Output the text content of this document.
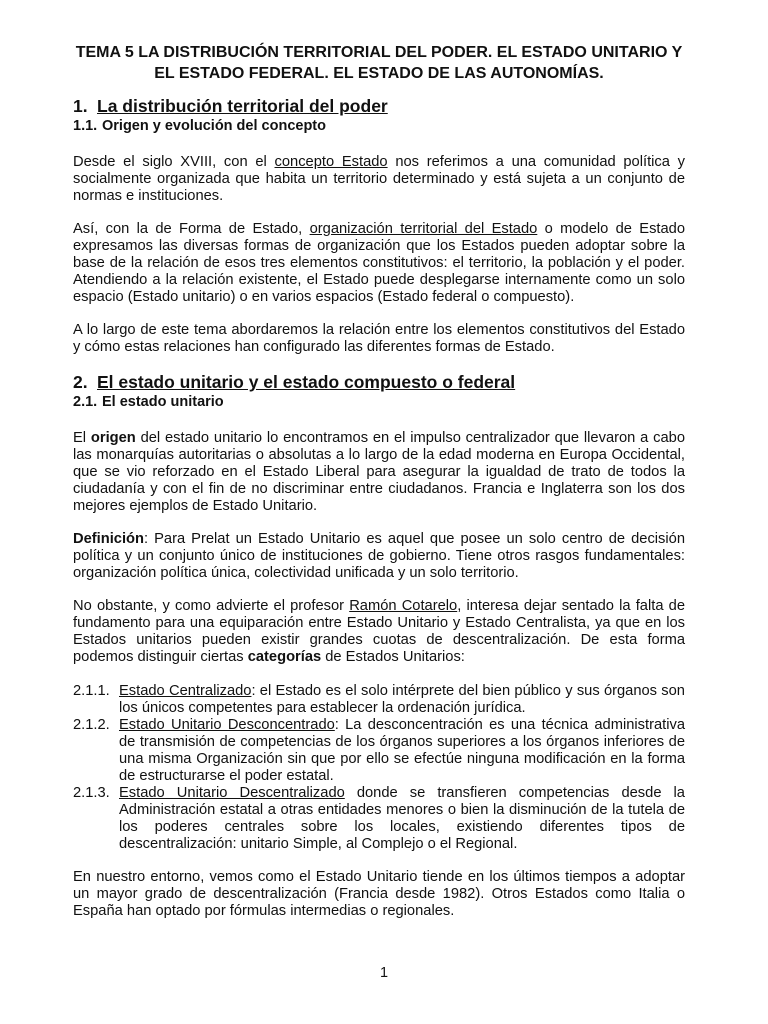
TEMA 5 LA DISTRIBUCIÓN TERRITORIAL DEL PODER. EL ESTADO UNITARIO Y EL ESTADO FEDERAL. EL ESTADO DE LAS AUTONOMÍAS.
1. La distribución territorial del poder
1.1. Origen y evolución del concepto

Desde el siglo XVIII, con el concepto Estado nos referimos a una comunidad política y socialmente organizada que habita un territorio determinado y está sujeta a un conjunto de normas e instituciones.

Así, con la de Forma de Estado, organización territorial del Estado o modelo de Estado expresamos las diversas formas de organización que los Estados pueden adoptar sobre la base de la relación de esos tres elementos constitutivos: el territorio, la población y el poder. Atendiendo a la relación existente, el Estado puede desplegarse internamente como un solo espacio (Estado unitario) o en varios espacios (Estado federal o compuesto).

A lo largo de este tema abordaremos la relación entre los elementos constitutivos del Estado y cómo estas relaciones han configurado las diferentes formas de Estado.

2. El estado unitario y el estado compuesto o federal
2.1. El estado unitario

El origen del estado unitario lo encontramos en el impulso centralizador que llevaron a cabo las monarquías autoritarias o absolutas a lo largo de la edad moderna en Europa Occidental, que se vio reforzado en el Estado Liberal para asegurar la igualdad de trato de todos la ciudadanía y con el fin de no discriminar entre ciudadanos. Francia e Inglaterra son los dos mejores ejemplos de Estado Unitario.

Definición: Para Prelat un Estado Unitario es aquel que posee un solo centro de decisión política y un conjunto único de instituciones de gobierno. Tiene otros rasgos fundamentales: organización política única, colectividad unificada y un solo territorio.

No obstante, y como advierte el profesor Ramón Cotarelo, interesa dejar sentado la falta de fundamento para una equiparación entre Estado Unitario y Estado Centralista, ya que en los Estados unitarios pueden existir grandes cuotas de descentralización. De esta forma podemos distinguir ciertas categorías de Estados Unitarios:

2.1.1. Estado Centralizado: el Estado es el solo intérprete del bien público y sus órganos son los únicos competentes para establecer la ordenación jurídica.
2.1.2. Estado Unitario Desconcentrado: La desconcentración es una técnica administrativa de transmisión de competencias de los órganos superiores a los órganos inferiores de una misma Organización sin que por ello se efectúe ninguna modificación en la forma de estructurarse el poder estatal.
2.1.3. Estado Unitario Descentralizado donde se transfieren competencias desde la Administración estatal a otras entidades menores o bien la disminución de la tutela de los poderes centrales sobre los locales, existiendo diferentes tipos de descentralización: unitario Simple, al Complejo o el Regional.

En nuestro entorno, vemos como el Estado Unitario tiende en los últimos tiempos a adoptar un mayor grado de descentralización (Francia desde 1982). Otros Estados como Italia o España han optado por fórmulas intermedias o regionales.

1
